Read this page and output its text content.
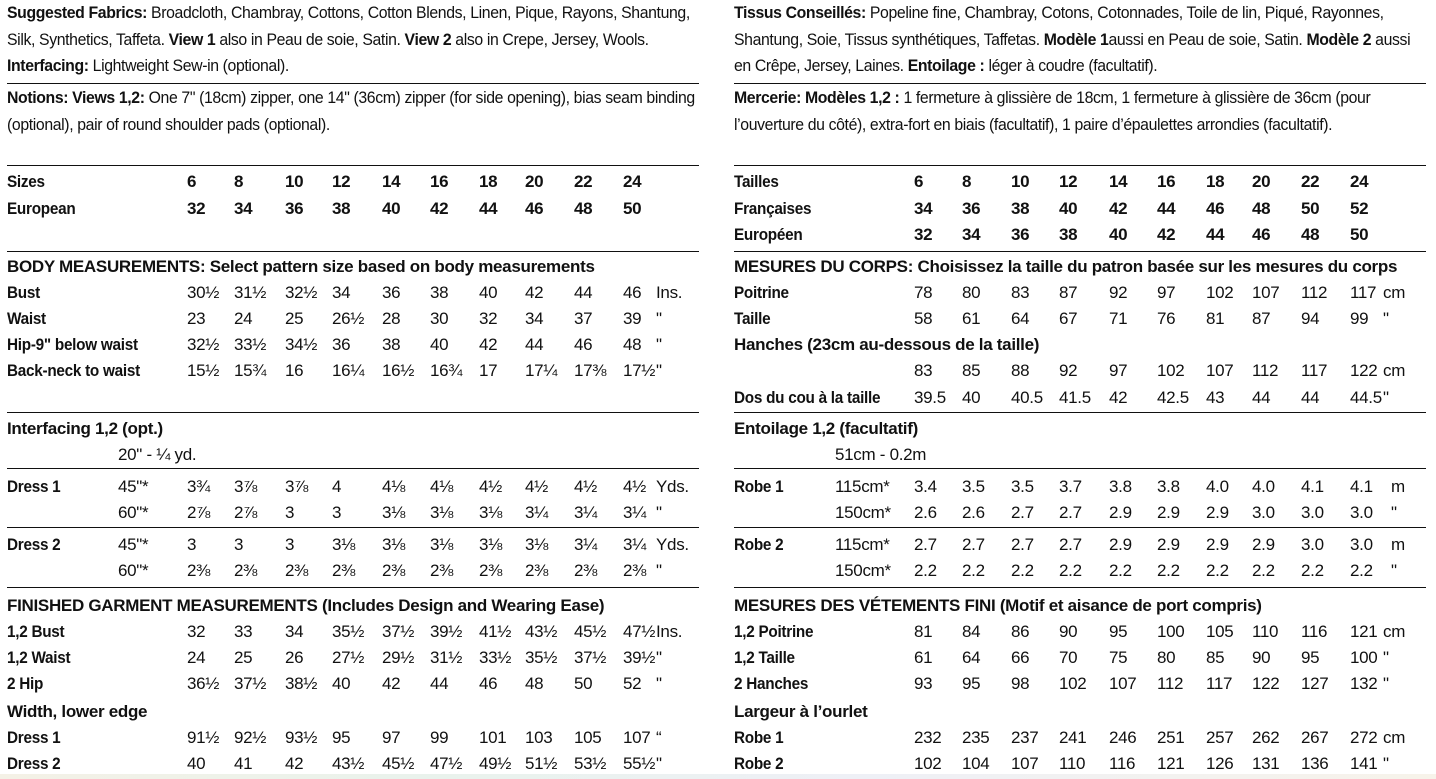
Suggested Fabrics: Broadcloth, Chambray, Cottons, Cotton Blends, Linen, Pique, Rayons, Shantung, Silk, Synthetics, Taffeta. View 1 also in Peau de soie, Satin. View 2 also in Crepe, Jersey, Wools. Interfacing: Lightweight Sew-in (optional).
Notions: Views 1,2: One 7" (18cm) zipper, one 14" (36cm) zipper (for side opening), bias seam binding (optional), pair of round shoulder pads (optional).
Sizes	6 8 10 12 14 16 18 20 22 24
European	32 34 36 38 40 42 44 46 48 50
BODY MEASUREMENTS: Select pattern size based on body measurements
Bust	30½ 31½ 32½ 34 36 38 40 42 44 46 Ins.
Waist	23 24 25 26½ 28 30 32 34 37 39 "
Hip-9" below waist	32½ 33½ 34½ 36 38 40 42 44 46 48 "
Back-neck to waist	15½ 15¾ 16 16¼ 16½ 16¾ 17 17¼ 17⅜ 17½ "
Interfacing 1,2 (opt.)
20" - ¼ yd.
Dress 1	45"* 3¾ 3⅞ 3⅞ 4 4⅛ 4⅛ 4½ 4½ 4½ 4½ Yds.
60"* 2⅞ 2⅞ 3 3 3⅛ 3⅛ 3⅛ 3¼ 3¼ 3¼ "
Dress 2	45"* 3 3 3 3⅛ 3⅛ 3⅛ 3⅛ 3⅛ 3¼ 3¼ Yds.
60"* 2⅜ 2⅜ 2⅜ 2⅜ 2⅜ 2⅜ 2⅜ 2⅜ 2⅜ 2⅜ "
FINISHED GARMENT MEASUREMENTS (Includes Design and Wearing Ease)
1,2 Bust	32 33 34 35½ 37½ 39½ 41½ 43½ 45½ 47½ Ins.
1,2 Waist	24 25 26 27½ 29½ 31½ 33½ 35½ 37½ 39½ "
2 Hip	36½ 37½ 38½ 40 42 44 46 48 50 52 "
Width, lower edge
Dress 1	91½ 92½ 93½ 95 97 99 101 103 105 107 “
Dress 2	40 41 42 43½ 45½ 47½ 49½ 51½ 53½ 55½ "
Tissus Conseillés: Popeline fine, Chambray, Cotons, Cotonnades, Toile de lin, Piqué, Rayonnes, Shantung, Soie, Tissus synthétiques, Taffetas. Modèle 1aussi en Peau de soie, Satin. Modèle 2 aussi en Crêpe, Jersey, Laines. Entoilage : léger à coudre (facultatif).
Mercerie: Modèles 1,2 : 1 fermeture à glissière de 18cm, 1 fermeture à glissière de 36cm (pour l’ouverture du côté), extra-fort en biais (facultatif), 1 paire d’épaulettes arrondies (facultatif).
Tailles	6 8 10 12 14 16 18 20 22 24
Françaises	34 36 38 40 42 44 46 48 50 52
Européen	32 34 36 38 40 42 44 46 48 50
MESURES DU CORPS: Choisissez la taille du patron basée sur les mesures du corps
Poitrine	78 80 83 87 92 97 102 107 112 117 cm
Taille	58 61 64 67 71 76 81 87 94 99 "
Hanches (23cm au-dessous de la taille)
83 85 88 92 97 102 107 112 117 122 cm
Dos du cou à la taille 39.5 40 40.5 41.5 42 42.5 43 44 44 44.5 "
Entoilage 1,2 (facultatif)
51cm - 0.2m
Robe 1	115cm* 3.4 3.5 3.5 3.7 3.8 3.8 4.0 4.0 4.1 4.1 m
150cm* 2.6 2.6 2.7 2.7 2.9 2.9 2.9 3.0 3.0 3.0 "
Robe 2	115cm* 2.7 2.7 2.7 2.7 2.9 2.9 2.9 2.9 3.0 3.0 m
150cm* 2.2 2.2 2.2 2.2 2.2 2.2 2.2 2.2 2.2 2.2 "
MESURES DES VÉTEMENTS FINI (Motif et aisance de port compris)
1,2 Poitrine	81 84 86 90 95 100 105 110 116 121 cm
1,2 Taille	61 64 66 70 75 80 85 90 95 100 "
2 Hanches	93 95 98 102 107 112 117 122 127 132 "
Largeur à l’ourlet
Robe 1	232 235 237 241 246 251 257 262 267 272 cm
Robe 2	102 104 107 110 116 121 126 131 136 141 "
